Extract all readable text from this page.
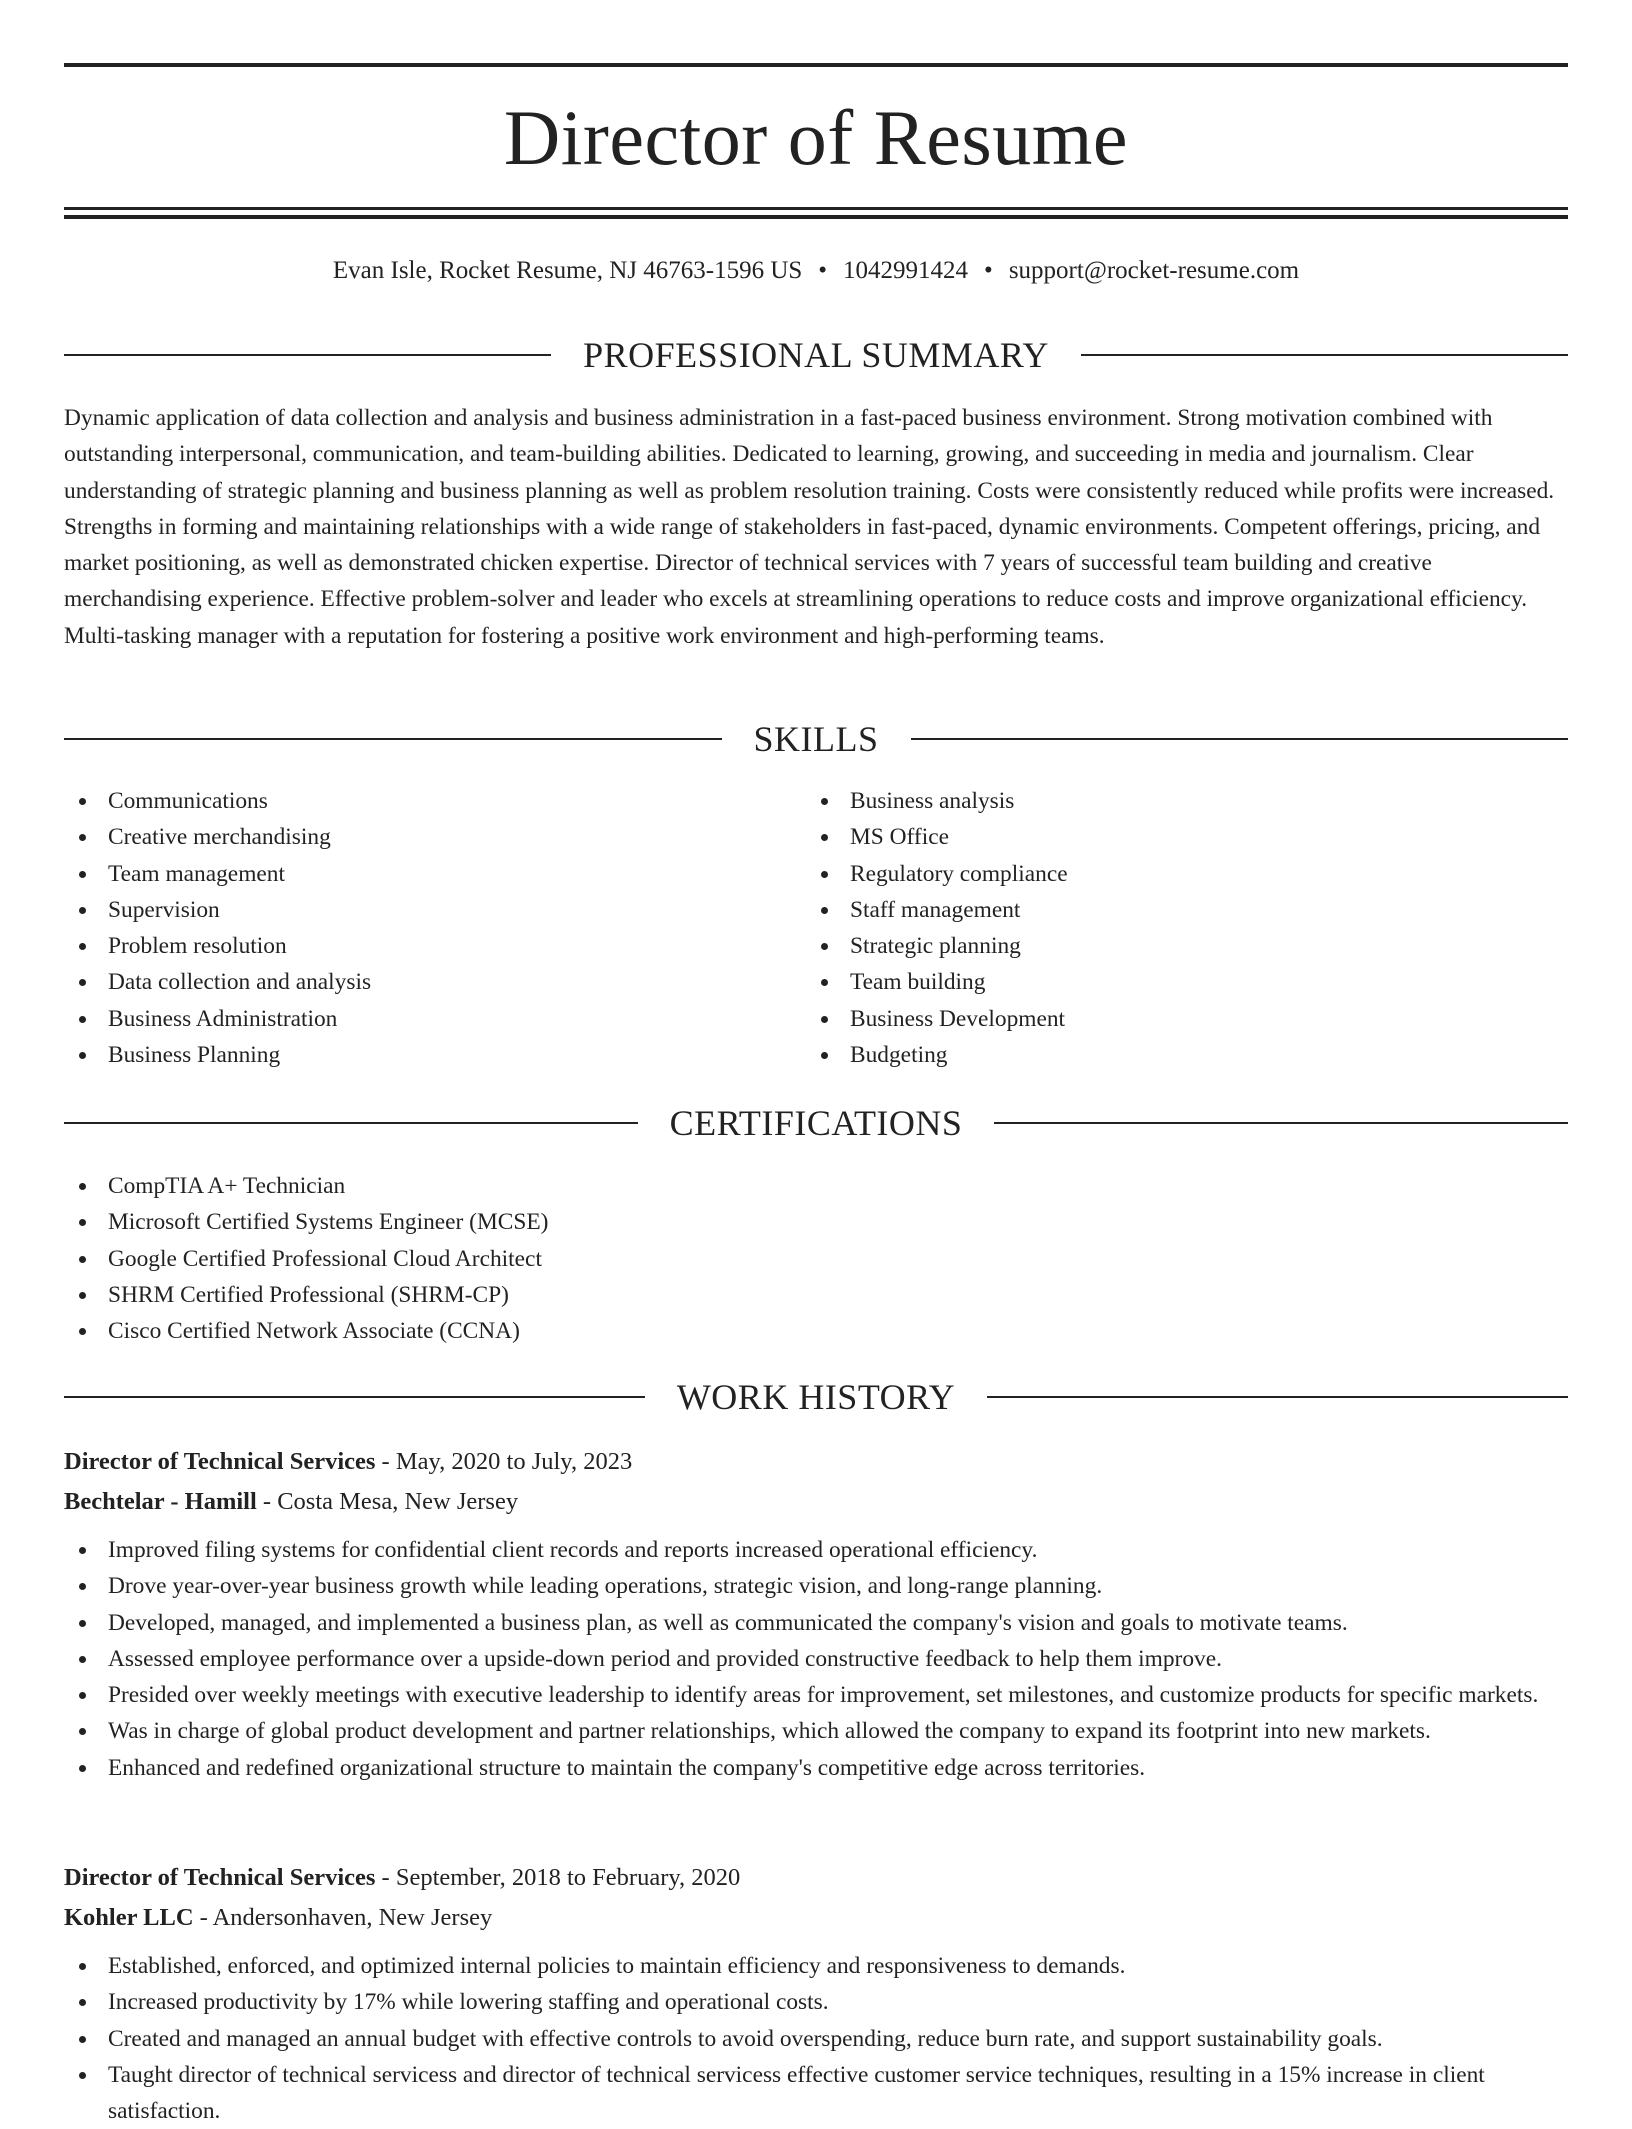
Director of Resume
Evan Isle, Rocket Resume, NJ 46763-1596 US • 1042991424 • support@rocket-resume.com
PROFESSIONAL SUMMARY

Dynamic application of data collection and analysis and business administration in a fast-paced business environment. Strong motivation combined with outstanding interpersonal, communication, and team-building abilities. Dedicated to learning, growing, and succeeding in media and journalism. Clear understanding of strategic planning and business planning as well as problem resolution training. Costs were consistently reduced while profits were increased. Strengths in forming and maintaining relationships with a wide range of stakeholders in fast-paced, dynamic environments. Competent offerings, pricing, and market positioning, as well as demonstrated chicken expertise. Director of technical services with 7 years of successful team building and creative merchandising experience. Effective problem-solver and leader who excels at streamlining operations to reduce costs and improve organizational efficiency. Multi-tasking manager with a reputation for fostering a positive work environment and high-performing teams.

SKILLS
Communications
Creative merchandising
Team management
Supervision
Problem resolution
Data collection and analysis
Business Administration
Business Planning
Business analysis
MS Office
Regulatory compliance
Staff management
Strategic planning
Team building
Business Development
Budgeting
CERTIFICATIONS
CompTIA A+ Technician
Microsoft Certified Systems Engineer (MCSE)
Google Certified Professional Cloud Architect
SHRM Certified Professional (SHRM-CP)
Cisco Certified Network Associate (CCNA)
WORK HISTORY
Director of Technical Services - May, 2020 to July, 2023
Bechtelar - Hamill - Costa Mesa, New Jersey
Improved filing systems for confidential client records and reports increased operational efficiency.
Drove year-over-year business growth while leading operations, strategic vision, and long-range planning.
Developed, managed, and implemented a business plan, as well as communicated the company's vision and goals to motivate teams.
Assessed employee performance over a upside-down period and provided constructive feedback to help them improve.
Presided over weekly meetings with executive leadership to identify areas for improvement, set milestones, and customize products for specific markets.
Was in charge of global product development and partner relationships, which allowed the company to expand its footprint into new markets.
Enhanced and redefined organizational structure to maintain the company's competitive edge across territories.
Director of Technical Services - September, 2018 to February, 2020
Kohler LLC - Andersonhaven, New Jersey
Established, enforced, and optimized internal policies to maintain efficiency and responsiveness to demands.
Increased productivity by 17% while lowering staffing and operational costs.
Created and managed an annual budget with effective controls to avoid overspending, reduce burn rate, and support sustainability goals.
Taught director of technical servicess and director of technical servicess effective customer service techniques, resulting in a 15% increase in client satisfaction.
